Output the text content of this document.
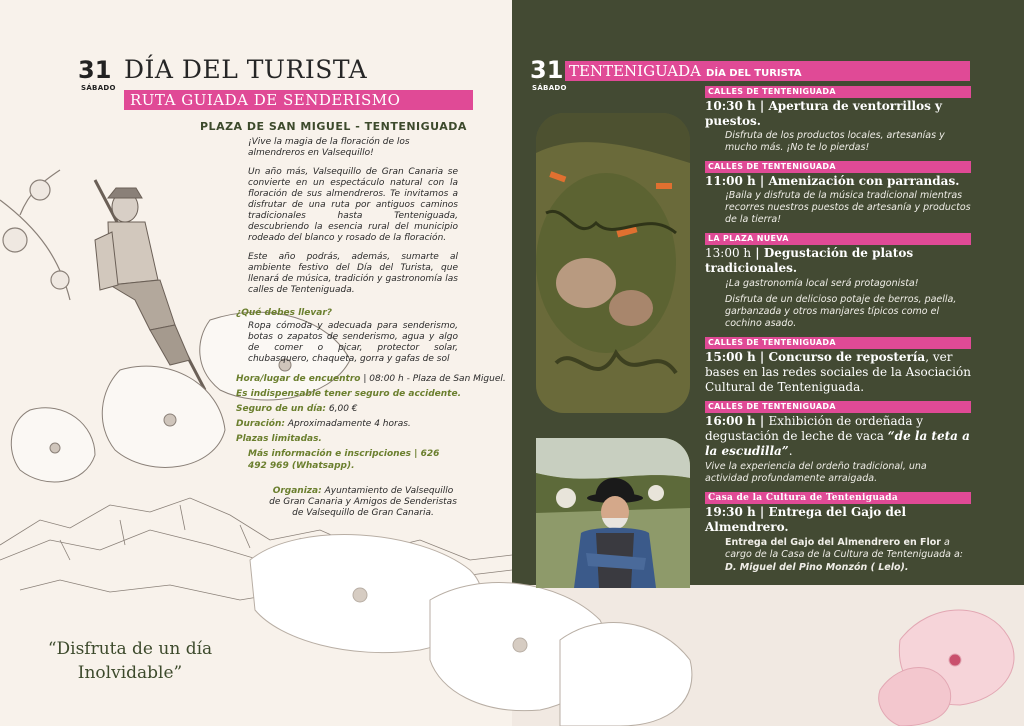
31
SÁBADO
DÍA DEL TURISTA
RUTA GUIADA DE SENDERISMO
PLAZA DE SAN MIGUEL - TENTENIGUADA
¡Vive la magia de la floración de los almendreros en Valsequillo!
Un año más, Valsequillo de Gran Canaria se convierte en un espectáculo natural con la floración de sus almendreros. Te invitamos a disfrutar de una ruta por antiguos caminos tradicionales hasta Tenteniguada, descubriendo la esencia rural del municipio rodeado del blanco y rosado de la floración.
Este año podrás, además, sumarte al ambiente festivo del Día del Turista, que llenará de música, tradición y gastronomía las calles de Tenteniguada.
¿Qué debes llevar?
Ropa cómoda y adecuada para senderismo, botas o zapatos de senderismo, agua y algo de comer o picar, protector solar, chubasquero, chaqueta, gorra y gafas de sol
Hora/lugar de encuentro | 08:00 h - Plaza de San Miguel.
Es indispensable tener seguro de accidente.
Seguro de un día: 6,00 €
Duración: Aproximadamente 4 horas.
Plazas limitadas.
Más información e inscripciones | 626 492 969 (Whatsapp).
Organiza: Ayuntamiento de Valsequillo de Gran Canaria y Amigos de Senderistas de Valsequillo de Gran Canaria.
“Disfruta de un día
Inolvidable”
31
SÁBADO
TENTENIGUADA DÍA DEL TURISTA
CALLES DE TENTENIGUADA
10:30 h | Apertura de ventorrillos y puestos.
Disfruta de los productos locales, artesanías y mucho más. ¡No te lo pierdas!
CALLES DE TENTENIGUADA
11:00 h | Amenización con parrandas.
¡Baila y disfruta de la música tradicional mientras recorres nuestros puestos de artesanía y productos de la tierra!
LA PLAZA NUEVA
13:00 h | Degustación de platos tradicionales.
¡La gastronomía local será protagonista!
Disfruta de un delicioso potaje de berros, paella, garbanzada y otros manjares típicos como el cochino asado.
CALLES DE TENTENIGUADA
15:00 h | Concurso de repostería, ver bases en las redes sociales de la Asociación Cultural de Tenteniguada.
CALLES DE TENTENIGUADA
16:00 h | Exhibición de ordeñada y degustación de leche de vaca “de la teta a la escudilla”.
Vive la experiencia del ordeño tradicional, una actividad profundamente arraigada.
Casa de la Cultura de Tenteniguada
19:30 h | Entrega del Gajo del Almendrero.
Entrega del Gajo del Almendrero en Flor a cargo de la Casa de la Cultura de Tenteniguada a:
D. Miguel del Pino Monzón ( Lelo).
